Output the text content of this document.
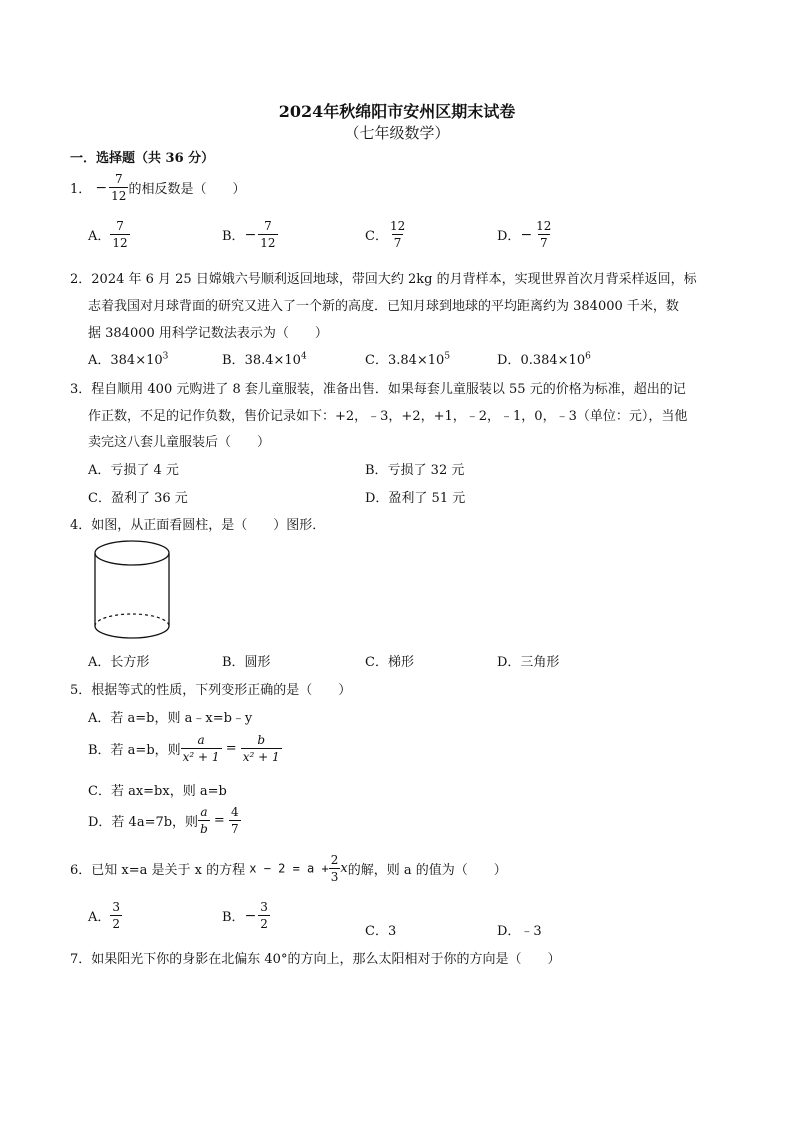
2024年秋绵阳市安州区期末试卷
（七年级数学）
一．选择题（共 36 分）
1． − $\frac{7}{12}$ 的相反数是（　　）
A． $\frac{7}{12}$	B．− $\frac{7}{12}$	C． $\frac{12}{7}$	D．− $\frac{12}{7}$
2．2024 年 6 月 25 日嫦娥六号顺利返回地球，带回大约 2kg 的月背样本，实现世界首次月背采样返回，标
志着我国对月球背面的研究又进入了一个新的高度．已知月球到地球的平均距离约为 384000 千米，数
据 384000 用科学记数法表示为（　　）
A．$384\times 10^3$	B．$38.4\times 10^4$	C．$3.84\times 10^5$	D．$0.384\times 10^6$
3．程自顺用 400 元购进了 8 套儿童服装，准备出售．如果每套儿童服装以 55 元的价格为标准，超出的记
作正数，不足的记作负数，售价记录如下：+2，﹣3，+2，+1，﹣2，﹣1，0，﹣3（单位：元），当他
卖完这八套儿童服装后（　　）
A．亏损了 4 元	B．亏损了 32 元
C．盈利了 36 元	D．盈利了 51 元
4．如图，从正面看圆柱，是（　　）图形．
A．长方形	B．圆形	C．梯形	D．三角形
5．根据等式的性质，下列变形正确的是（　　）
A．若 a=b，则 a﹣x=b﹣y
B．若 a=b，则 $\frac{a}{\text{x² + 1}} = \frac{b}{\text{x² + 1}}$
C．若 ax=bx，则 a=b
D．若 4a=7b，则 $\frac{a}{b} = \frac{4}{7}$
6．已知 x=a 是关于 x 的方程 $x - 2 = a + \frac{2}{3}$ x的解，则 a 的值为（　　）
A． $\frac{3}{2}$	B．− $\frac{3}{2}$
C．3	D．﹣3
7．如果阳光下你的身影在北偏东 40°的方向上，那么太阳相对于你的方向是（　　）
